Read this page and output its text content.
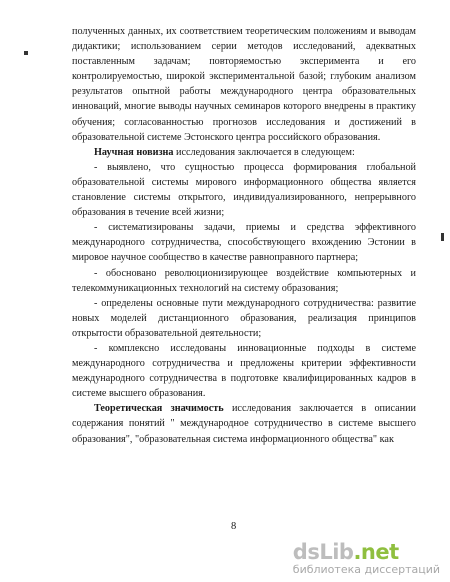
полученных данных, их соответствием теоретическим положениям и выводам дидактики; использованием серии методов исследований, адекватных поставленным задачам; повторяемостью эксперимента и его контролируемостью, широкой экспериментальной базой; глубоким анализом результатов опытной работы международного центра образовательных инноваций, многие выводы научных семинаров которого внедрены в практику обучения; согласованностью прогнозов исследования и достижений в образовательной системе Эстонского центра российского образования.

Научная новизна исследования заключается в следующем:

- выявлено, что сущностью процесса формирования глобальной образовательной системы мирового информационного общества является становление системы открытого, индивидуализированного, непрерывного образования в течение всей жизни;

- систематизированы задачи, приемы и средства эффективного международного сотрудничества, способствующего вхождению Эстонии в мировое научное сообщество в качестве равноправного партнера;

- обосновано революционизирующее воздействие компьютерных и телекоммуникационных технологий на систему образования;

- определены основные пути международного сотрудничества: развитие новых моделей дистанционного образования, реализация принципов открытости образовательной деятельности;

- комплексно исследованы инновационные подходы в системе международного сотрудничества и предложены критерии эффективности международного сотрудничества в подготовке квалифицированных кадров в системе высшего образования.

Теоретическая значимость исследования заключается в описании содержания понятий " международное сотрудничество в системе высшего образования", "образовательная система информационного общества" как

8
dsLib.net
библиотека диссертаций
